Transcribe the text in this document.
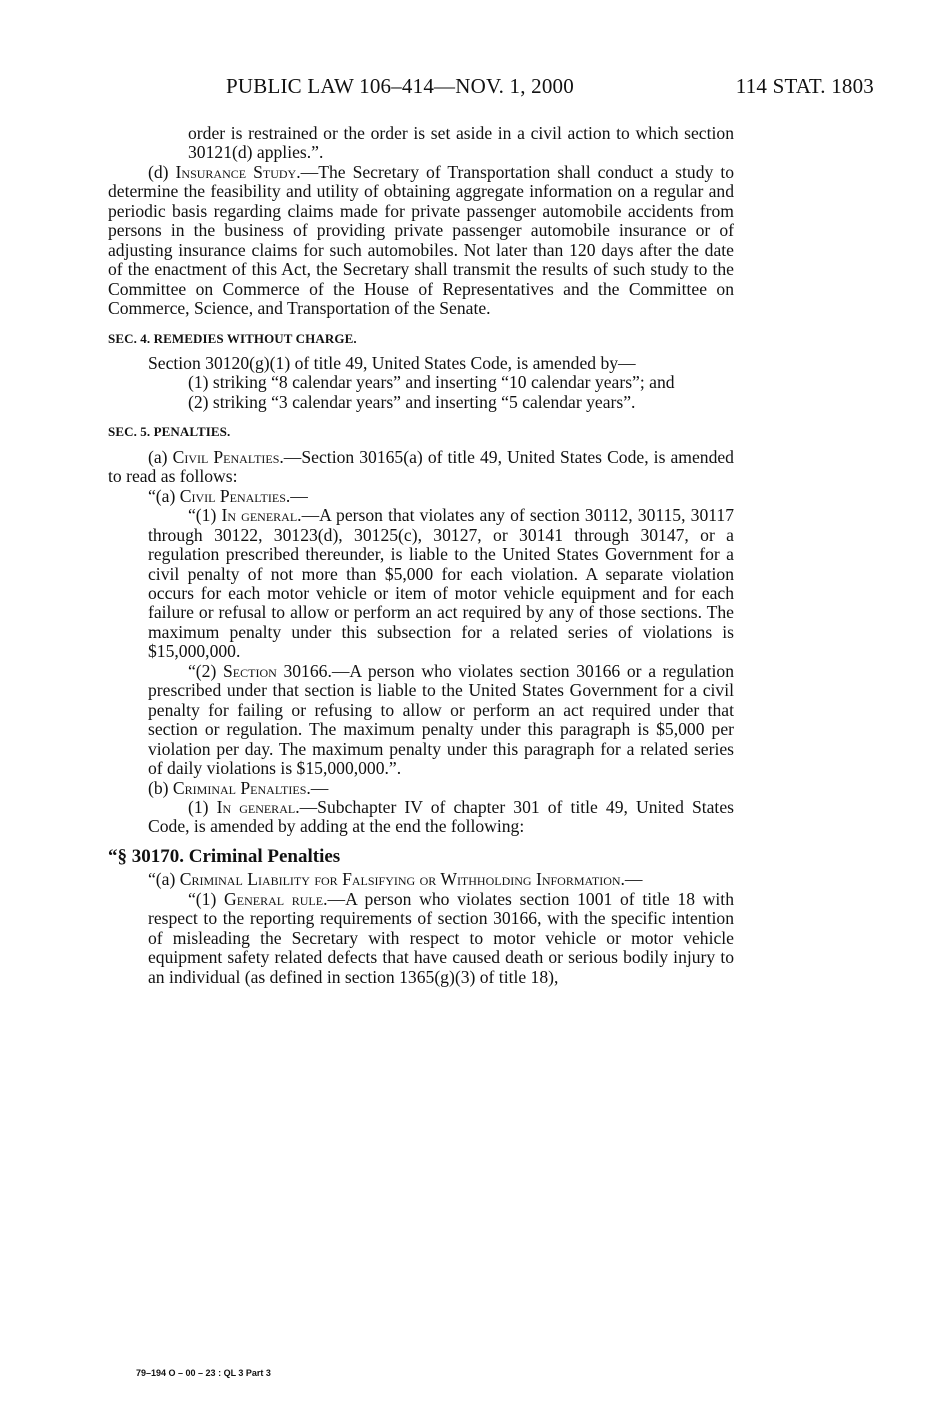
PUBLIC LAW 106–414—NOV. 1, 2000	114 STAT. 1803

order is restrained or the order is set aside in a civil action to which section 30121(d) applies.”.

(d) Insurance Study.—The Secretary of Transportation shall conduct a study to determine the feasibility and utility of obtaining aggregate information on a regular and periodic basis regarding claims made for private passenger automobile accidents from persons in the business of providing private passenger automobile insurance or of adjusting insurance claims for such automobiles. Not later than 120 days after the date of the enactment of this Act, the Secretary shall transmit the results of such study to the Committee on Commerce of the House of Representatives and the Committee on Commerce, Science, and Transportation of the Senate.

SEC. 4. REMEDIES WITHOUT CHARGE.

Section 30120(g)(1) of title 49, United States Code, is amended by—

(1) striking “8 calendar years” and inserting “10 calendar years”; and

(2) striking “3 calendar years” and inserting “5 calendar years”.

SEC. 5. PENALTIES.

(a) Civil Penalties.—Section 30165(a) of title 49, United States Code, is amended to read as follows:

“(a) Civil Penalties.—

“(1) In general.—A person that violates any of section 30112, 30115, 30117 through 30122, 30123(d), 30125(c), 30127, or 30141 through 30147, or a regulation prescribed thereunder, is liable to the United States Government for a civil penalty of not more than $5,000 for each violation. A separate violation occurs for each motor vehicle or item of motor vehicle equipment and for each failure or refusal to allow or perform an act required by any of those sections. The maximum penalty under this subsection for a related series of violations is $15,000,000.

“(2) Section 30166.—A person who violates section 30166 or a regulation prescribed under that section is liable to the United States Government for a civil penalty for failing or refusing to allow or perform an act required under that section or regulation. The maximum penalty under this paragraph is $5,000 per violation per day. The maximum penalty under this paragraph for a related series of daily violations is $15,000,000.”.

(b) Criminal Penalties.—

(1) In general.—Subchapter IV of chapter 301 of title 49, United States Code, is amended by adding at the end the following:

“§ 30170. Criminal Penalties

“(a) Criminal Liability for Falsifying or Withholding Information.—

“(1) General rule.—A person who violates section 1001 of title 18 with respect to the reporting requirements of section 30166, with the specific intention of misleading the Secretary with respect to motor vehicle or motor vehicle equipment safety related defects that have caused death or serious bodily injury to an individual (as defined in section 1365(g)(3) of title 18),

79–194 O – 00 – 23 : QL 3 Part 3
